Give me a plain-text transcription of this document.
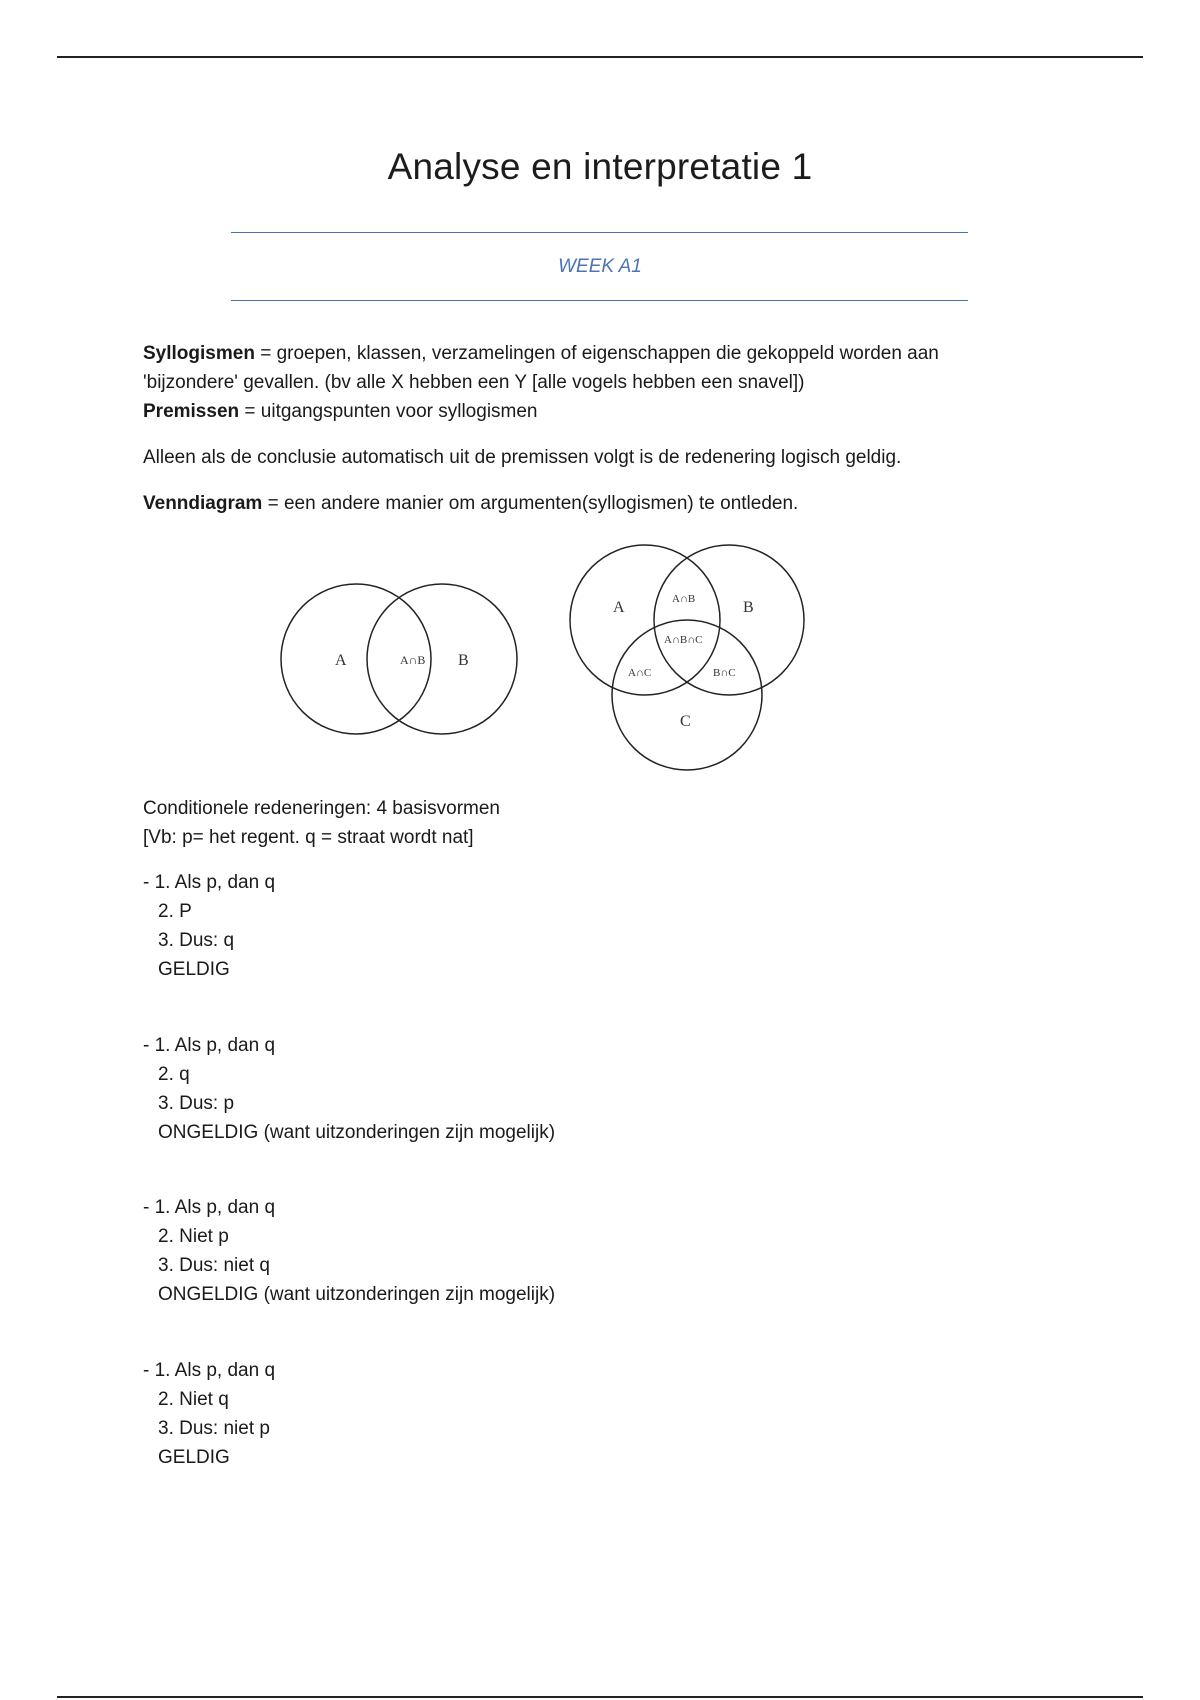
Analyse en interpretatie 1
WEEK A1

Syllogismen = groepen, klassen, verzamelingen of eigenschappen die gekoppeld worden aan
'bijzondere' gevallen. (bv alle X hebben een Y [alle vogels hebben een snavel])
Premissen = uitgangspunten voor syllogismen

Alleen als de conclusie automatisch uit de premissen volgt is de redenering logisch geldig.

Venndiagram = een andere manier om argumenten(syllogismen) te ontleden.

A	A∩B B
A	B
C
A∩B
A∩B∩C
A∩C	B∩C

Conditionele redeneringen: 4 basisvormen
[Vb: p= het regent. q = straat wordt nat]

- 1. Als p, dan q
2. P
3. Dus: q
GELDIG

- 1. Als p, dan q
2. q
3. Dus: p
ONGELDIG (want uitzonderingen zijn mogelijk)

- 1. Als p, dan q
2. Niet p
3. Dus: niet q
ONGELDIG (want uitzonderingen zijn mogelijk)

- 1. Als p, dan q
2. Niet q
3. Dus: niet p
GELDIG
